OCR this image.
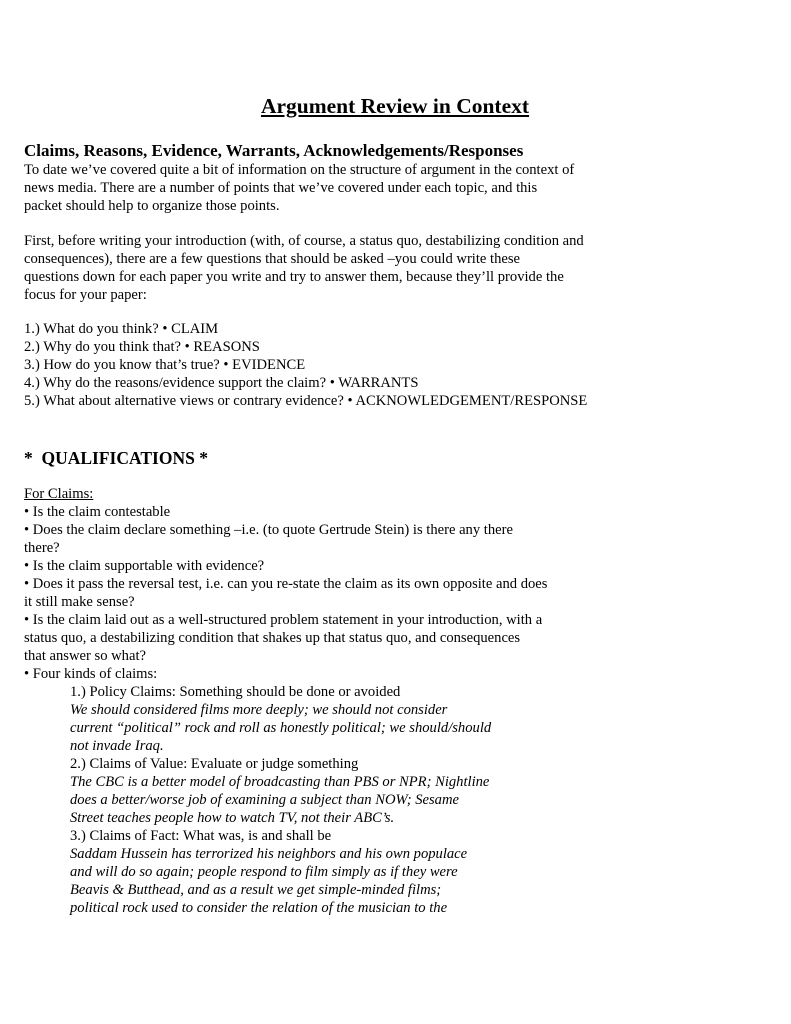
Argument Review in Context
Claims, Reasons, Evidence, Warrants, Acknowledgements/Responses
To date we’ve covered quite a bit of information on the structure of argument in the context of
news media. There are a number of points that we’ve covered under each topic, and this
packet should help to organize those points.
First, before writing your introduction (with, of course, a status quo, destabilizing condition and
consequences), there are a few questions that should be asked –you could write these
questions down for each paper you write and try to answer them, because they’ll provide the
focus for your paper:
1.) What do you think? • CLAIM
2.) Why do you think that? • REASONS
3.) How do you know that’s true? • EVIDENCE
4.) Why do the reasons/evidence support the claim? • WARRANTS
5.) What about alternative views or contrary evidence? • ACKNOWLEDGEMENT/RESPONSE
*  QUALIFICATIONS *
For Claims:
• Is the claim contestable
• Does the claim declare something –i.e. (to quote Gertrude Stein) is there any there
there?
• Is the claim supportable with evidence?
• Does it pass the reversal test, i.e. can you re-state the claim as its own opposite and does
it still make sense?
• Is the claim laid out as a well-structured problem statement in your introduction, with a
status quo, a destabilizing condition that shakes up that status quo, and consequences
that answer so what?
• Four kinds of claims:
1.) Policy Claims: Something should be done or avoided
We should considered films more deeply; we should not consider
current “political” rock and roll as honestly political; we should/should
not invade Iraq.
2.) Claims of Value: Evaluate or judge something
The CBC is a better model of broadcasting than PBS or NPR; Nightline
does a better/worse job of examining a subject than NOW; Sesame
Street teaches people how to watch TV, not their ABC’s.
3.) Claims of Fact: What was, is and shall be
Saddam Hussein has terrorized his neighbors and his own populace
and will do so again; people respond to film simply as if they were
Beavis & Butthead, and as a result we get simple-minded films;
political rock used to consider the relation of the musician to the
